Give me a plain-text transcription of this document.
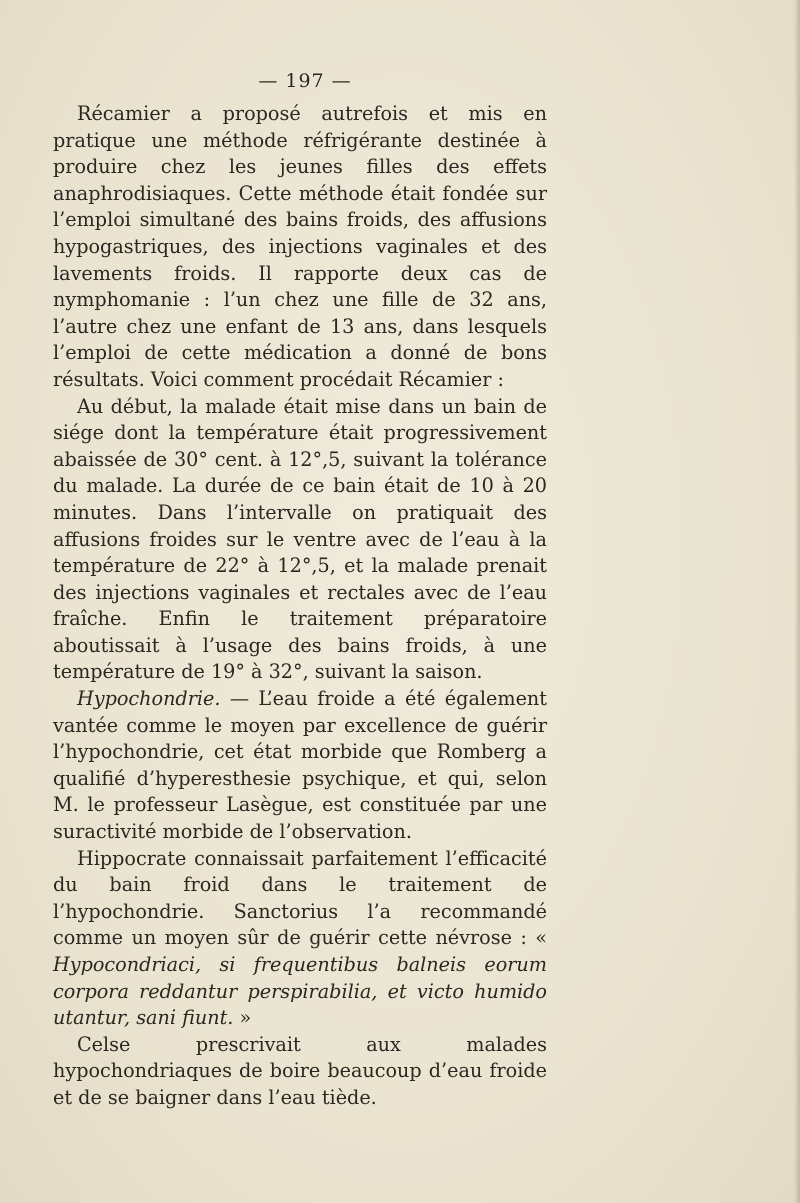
— 197 —

Récamier a proposé autrefois et mis en pratique une méthode réfrigérante destinée à produire chez les jeunes filles des effets anaphrodisiaques. Cette méthode était fondée sur l’emploi simultané des bains froids, des affusions hypogastriques, des injections vaginales et des lavements froids. Il rapporte deux cas de nymphomanie : l’un chez une fille de 32 ans, l’autre chez une enfant de 13 ans, dans lesquels l’emploi de cette médication a donné de bons résultats. Voici comment procédait Récamier :

Au début, la malade était mise dans un bain de siége dont la température était progressivement abaissée de 30° cent. à 12°,5, suivant la tolérance du malade. La durée de ce bain était de 10 à 20 minutes. Dans l’intervalle on pratiquait des affusions froides sur le ventre avec de l’eau à la température de 22° à 12°,5, et la malade prenait des injections vaginales et rectales avec de l’eau fraîche. Enfin le traitement préparatoire aboutissait à l’usage des bains froids, à une température de 19° à 32°, suivant la saison.

Hypochondrie. — L’eau froide a été également vantée comme le moyen par excellence de guérir l’hypochondrie, cet état morbide que Romberg a qualifié d’hyperesthesie psychique, et qui, selon M. le professeur Lasègue, est constituée par une suractivité morbide de l’observation.

Hippocrate connaissait parfaitement l’efficacité du bain froid dans le traitement de l’hypochondrie. Sanctorius l’a recommandé comme un moyen sûr de guérir cette névrose : « Hypocondriaci, si frequentibus balneis eorum corpora reddantur perspirabilia, et victo humido utantur, sani fiunt. »

Celse prescrivait aux malades hypochondriaques de boire beaucoup d’eau froide et de se baigner dans l’eau tiède.
